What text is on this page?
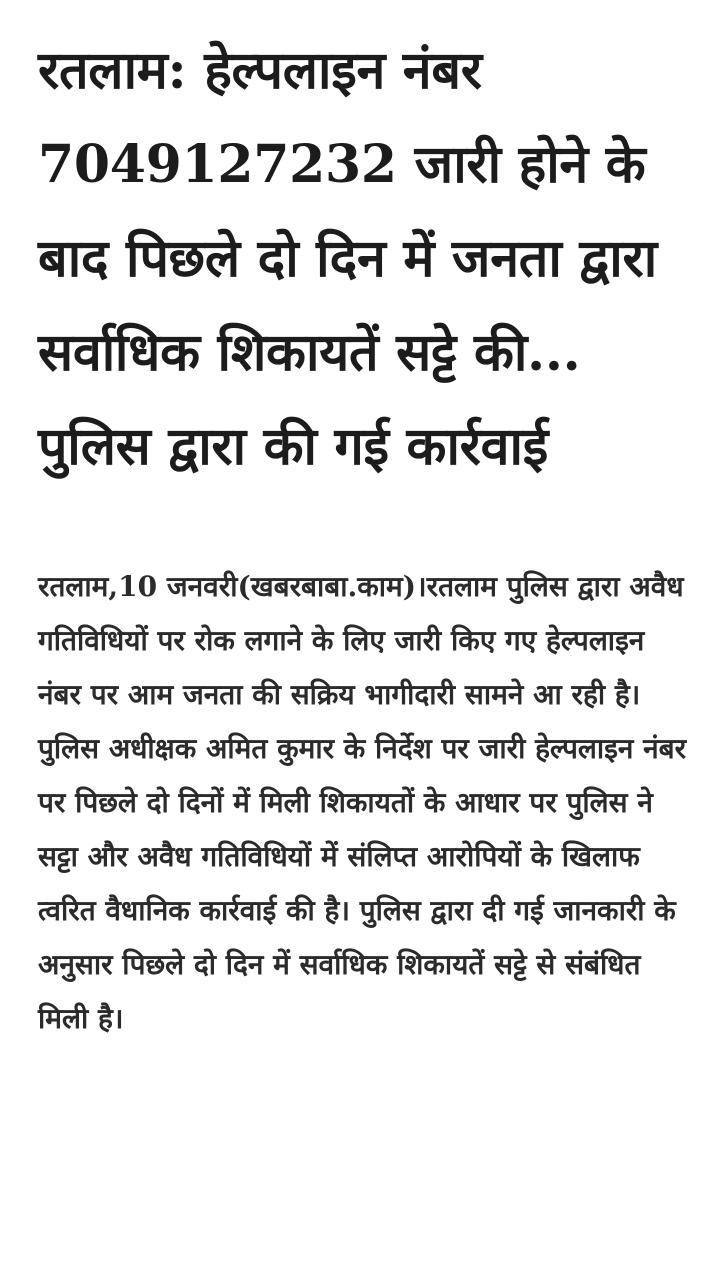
रतलाम: हेल्पलाइन नंबर 7049127232 जारी होने के बाद पिछले दो दिन में जनता द्वारा सर्वाधिक शिकायतें सट्टे की... पुलिस द्वारा की गई कार्रवाई

रतलाम,10 जनवरी(खबरबाबा.काम)।रतलाम पुलिस द्वारा अवैध गतिविधियों पर रोक लगाने के लिए जारी किए गए हेल्पलाइन नंबर पर आम जनता की सक्रिय भागीदारी सामने आ रही है। पुलिस अधीक्षक अमित कुमार के निर्देश पर जारी हेल्पलाइन नंबर पर पिछले दो दिनों में मिली शिकायतों के आधार पर पुलिस ने सट्टा और अवैध गतिविधियों में संलिप्त आरोपियों के खिलाफ त्वरित वैधानिक कार्रवाई की है। पुलिस द्वारा दी गई जानकारी के अनुसार पिछले दो दिन में सर्वाधिक शिकायतें सट्टे से संबंधित मिली है।
